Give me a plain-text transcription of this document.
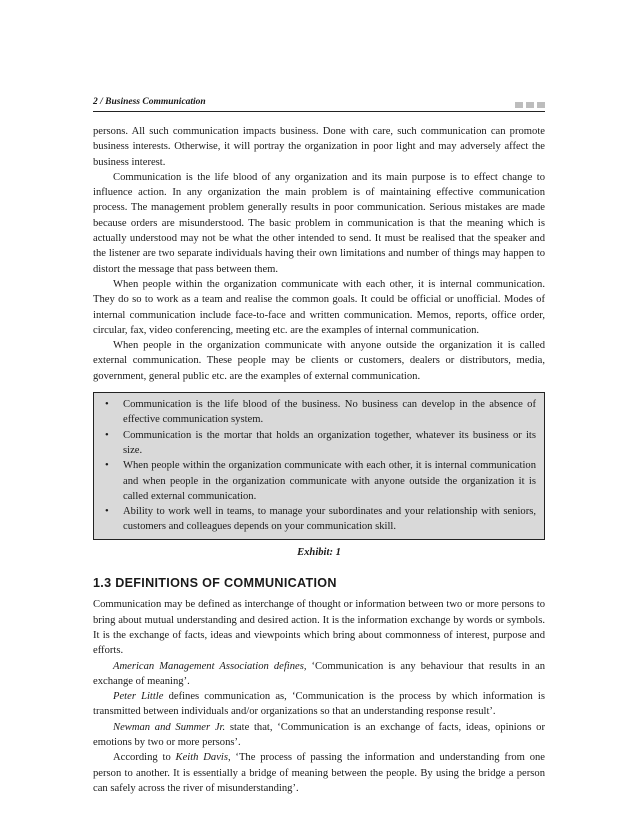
2 / Business Communication

persons. All such communication impacts business. Done with care, such communication can promote business interests. Otherwise, it will portray the organization in poor light and may adversely affect the business interest.

Communication is the life blood of any organization and its main purpose is to effect change to influence action. In any organization the main problem is of maintaining effective communication process. The management problem generally results in poor communication. Serious mistakes are made because orders are misunderstood. The basic problem in communication is that the meaning which is actually understood may not be what the other intended to send. It must be realised that the speaker and the listener are two separate individuals having their own limitations and number of things may happen to distort the message that pass between them.

When people within the organization communicate with each other, it is internal communication. They do so to work as a team and realise the common goals. It could be official or unofficial. Modes of internal communication include face-to-face and written communication. Memos, reports, office order, circular, fax, video conferencing, meeting etc. are the examples of internal communication.

When people in the organization communicate with anyone outside the organization it is called external communication. These people may be clients or customers, dealers or distributors, media, government, general public etc. are the examples of external communication.

• Communication is the life blood of the business. No business can develop in the absence of effective communication system.
• Communication is the mortar that holds an organization together, whatever its business or its size.
• When people within the organization communicate with each other, it is internal communication and when people in the organization communicate with anyone outside the organization it is called external communication.
• Ability to work well in teams, to manage your subordinates and your relationship with seniors, customers and colleagues depends on your communication skill.
Exhibit: 1
1.3 DEFINITIONS OF COMMUNICATION

Communication may be defined as interchange of thought or information between two or more persons to bring about mutual understanding and desired action. It is the information exchange by words or symbols. It is the exchange of facts, ideas and viewpoints which bring about commonness of interest, purpose and efforts.

American Management Association defines, ‘Communication is any behaviour that results in an exchange of meaning’.

Peter Little defines communication as, ‘Communication is the process by which information is transmitted between individuals and/or organizations so that an understanding response result’.

Newman and Summer Jr. state that, ‘Communication is an exchange of facts, ideas, opinions or emotions by two or more persons’.

According to Keith Davis, ‘The process of passing the information and understanding from one person to another. It is essentially a bridge of meaning between the people. By using the bridge a person can safely across the river of misunderstanding’.
